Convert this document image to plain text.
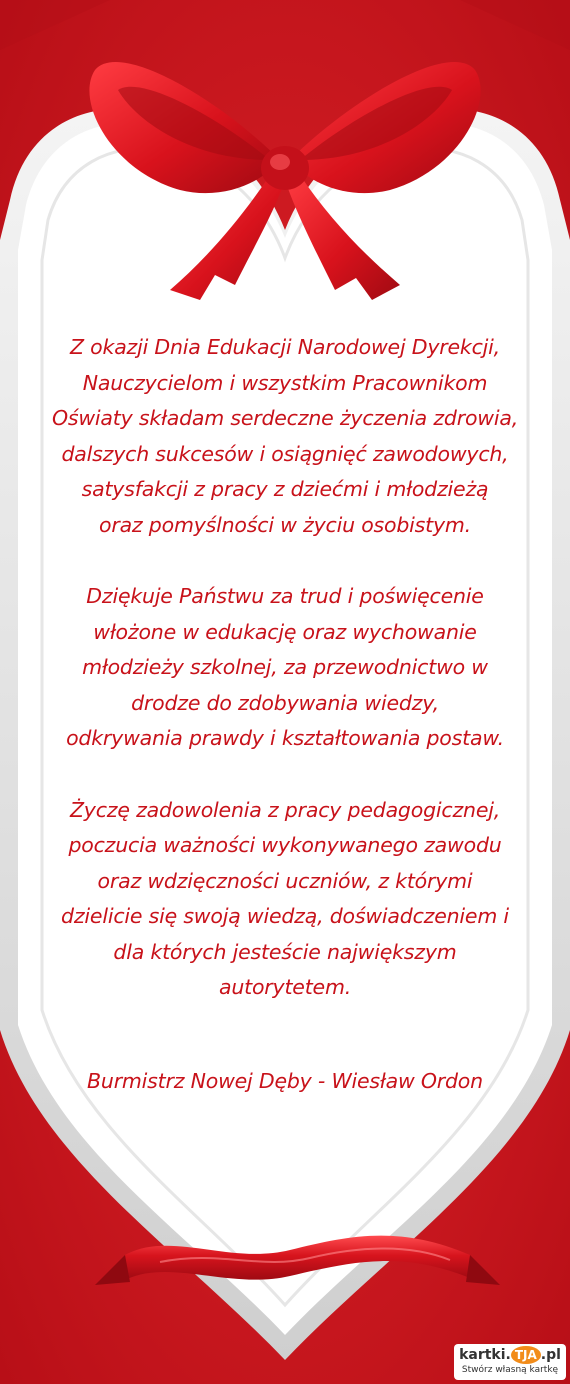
Z okazji Dnia Edukacji Narodowej Dyrekcji,
Nauczycielom i wszystkim Pracownikom
Oświaty składam serdeczne życzenia zdrowia,
dalszych sukcesów i osiągnięć zawodowych,
satysfakcji z pracy z dziećmi i młodzieżą
oraz pomyślności w życiu osobistym.

Dziękuje Państwu za trud i poświęcenie
włożone w edukację oraz wychowanie
młodzieży szkolnej, za przewodnictwo w
drodze do zdobywania wiedzy,
odkrywania prawdy i kształtowania postaw.

Życzę zadowolenia z pracy pedagogicznej,
poczucia ważności wykonywanego zawodu
oraz wdzięczności uczniów, z którymi
dzielicie się swoją wiedzą, doświadczeniem i
dla których jesteście największym
autorytetem.

Burmistrz Nowej Dęby - Wiesław Ordon

kartki. TJA .pl
Stwórz własną kartkę
